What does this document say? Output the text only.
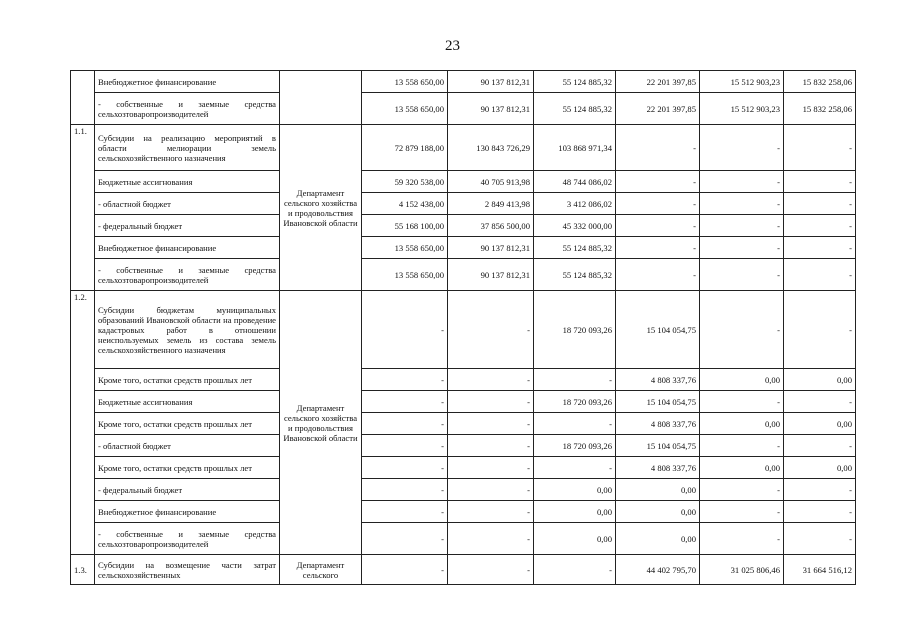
23
	Внебюджетное финансирование		13 558 650,00	90 137 812,31	55 124 885,32	22 201 397,85	15 512 903,23	15 832 258,06
	- собственные и заемные средства сельхозтоваропроизводителей		13 558 650,00	90 137 812,31	55 124 885,32	22 201 397,85	15 512 903,23	15 832 258,06
1.1.	Субсидии на реализацию мероприятий в области мелиорации земель сельскохозяйственного назначения	Департамент сельского хозяйства и продовольствия Ивановской области	72 879 188,00	130 843 726,29	103 868 971,34	-	-	-
	Бюджетные ассигнования		59 320 538,00	40 705 913,98	48 744 086,02	-	-	-
	- областной бюджет		4 152 438,00	2 849 413,98	3 412 086,02	-	-	-
	- федеральный бюджет		55 168 100,00	37 856 500,00	45 332 000,00	-	-	-
	Внебюджетное финансирование		13 558 650,00	90 137 812,31	55 124 885,32	-	-	-
	- собственные и заемные средства сельхозтоваропроизводителей		13 558 650,00	90 137 812,31	55 124 885,32	-	-	-
1.2.	Субсидии бюджетам муниципальных образований Ивановской области на проведение кадастровых работ в отношении неиспользуемых земель из состава земель сельскохозяйственного назначения	Департамент сельского хозяйства и продовольствия Ивановской области	-	-	18 720 093,26	15 104 054,75	-	-
	Кроме того, остатки средств прошлых лет		-	-	-	4 808 337,76	0,00	0,00
	Бюджетные ассигнования		-	-	18 720 093,26	15 104 054,75	-	-
	Кроме того, остатки средств прошлых лет		-	-	-	4 808 337,76	0,00	0,00
	- областной бюджет		-	-	18 720 093,26	15 104 054,75	-	-
	Кроме того, остатки средств прошлых лет		-	-	-	4 808 337,76	0,00	0,00
	- федеральный бюджет		-	-	0,00	0,00	-	-
	Внебюджетное финансирование		-	-	0,00	0,00	-	-
	- собственные и заемные средства сельхозтоваропроизводителей		-	-	0,00	0,00	-	-
1.3.	Субсидии на возмещение части затрат сельскохозяйственных	Департамент сельского	-	-	-	44 402 795,70	31 025 806,46	31 664 516,12
